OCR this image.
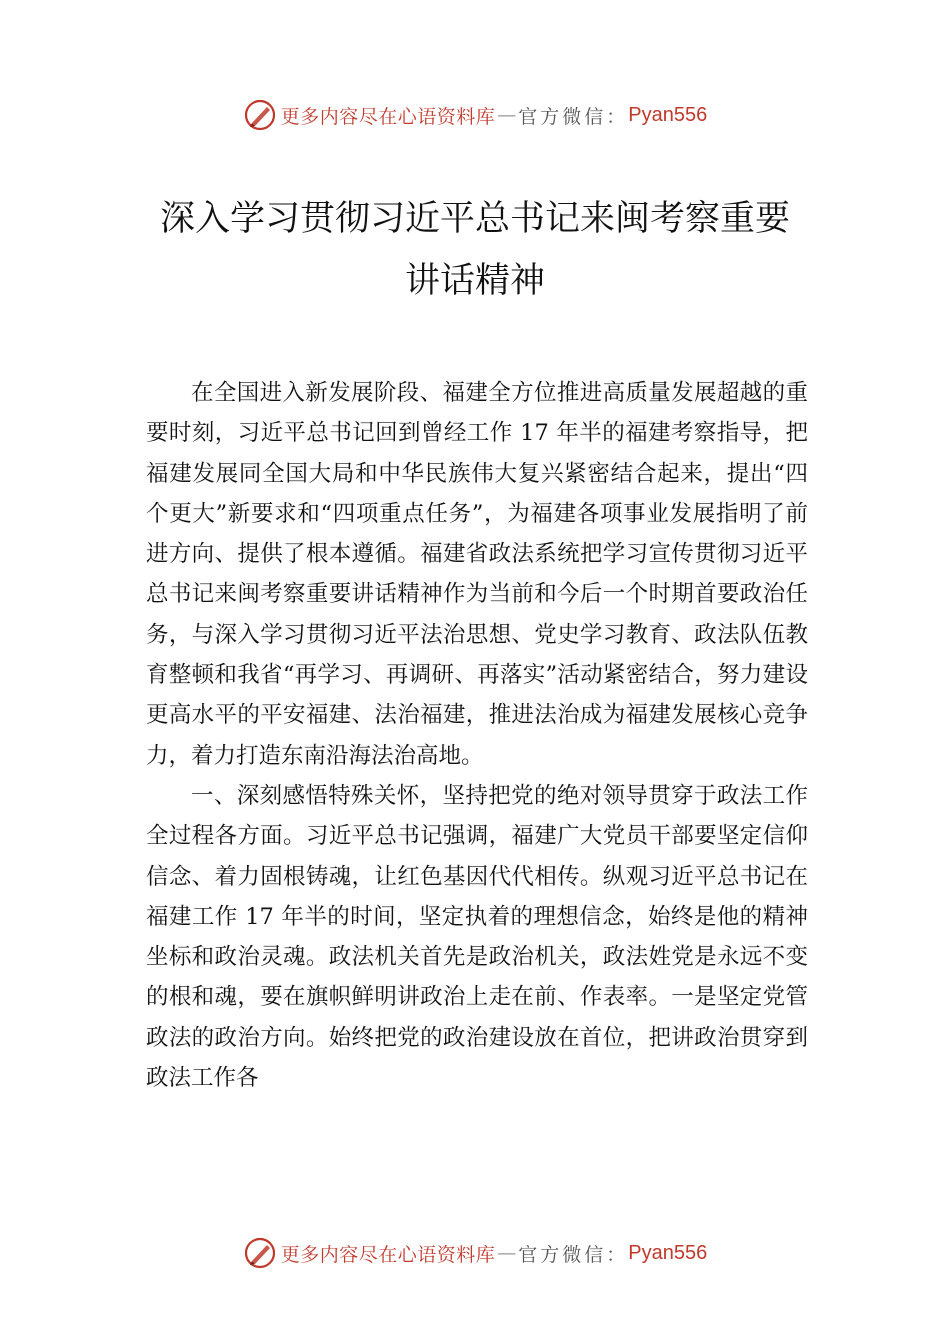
更多内容尽在心语资料库 — 官方微信： Pyan556
深入学习贯彻习近平总书记来闽考察重要
讲话精神

在全国进入新发展阶段、福建全方位推进高质量发展超越的重要时刻，习近平总书记回到曾经工作 17 年半的福建考察指导，把福建发展同全国大局和中华民族伟大复兴紧密结合起来，提出“四个更大”新要求和“四项重点任务”，为福建各项事业发展指明了前进方向、提供了根本遵循。福建省政法系统把学习宣传贯彻习近平总书记来闽考察重要讲话精神作为当前和今后一个时期首要政治任务，与深入学习贯彻习近平法治思想、党史学习教育、政法队伍教育整顿和我省“再学习、再调研、再落实”活动紧密结合，努力建设更高水平的平安福建、法治福建，推进法治成为福建发展核心竞争力，着力打造东南沿海法治高地。

一、深刻感悟特殊关怀，坚持把党的绝对领导贯穿于政法工作全过程各方面。习近平总书记强调，福建广大党员干部要坚定信仰信念、着力固根铸魂，让红色基因代代相传。纵观习近平总书记在福建工作 17 年半的时间，坚定执着的理想信念，始终是他的精神坐标和政治灵魂。政法机关首先是政治机关，政法姓党是永远不变的根和魂，要在旗帜鲜明讲政治上走在前、作表率。一是坚定党管政法的政治方向。始终把党的政治建设放在首位，把讲政治贯穿到政法工作各

更多内容尽在心语资料库 — 官方微信： Pyan556
